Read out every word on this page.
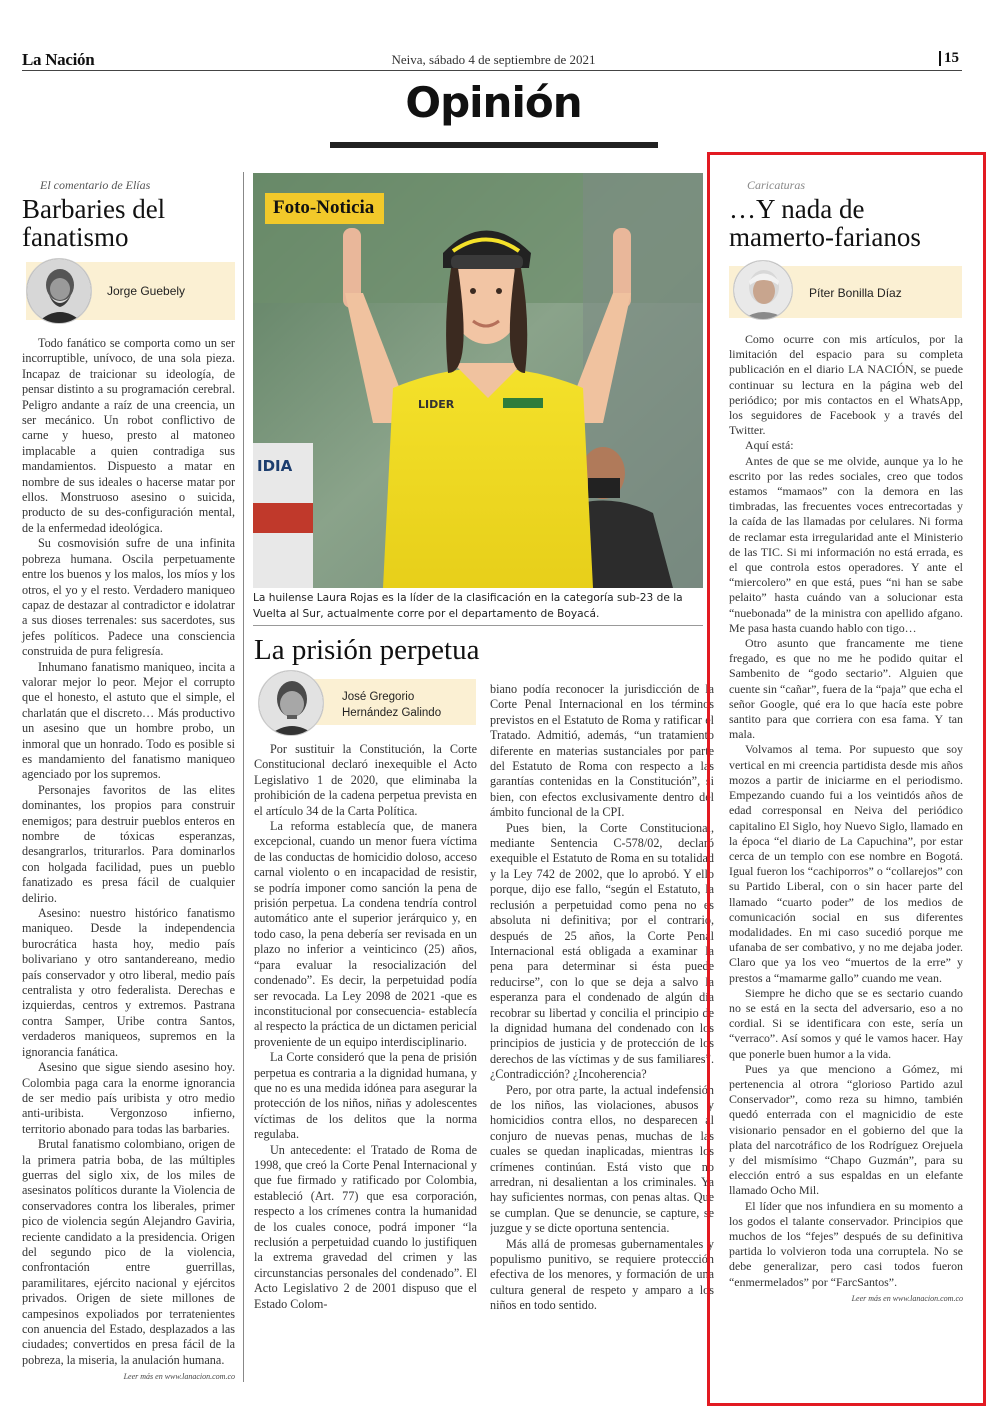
La Nación	Neiva, sábado 4 de septiembre de 2021	15
Opinión
El comentario de Elías
Barbaries del fanatismo
Jorge Guebely

Todo fanático se comporta como un ser incorruptible, unívoco, de una sola pieza. Incapaz de traicionar su ideología, de pensar distinto a su programación cerebral. Peligro andante a raíz de una creencia, un ser mecánico. Un robot conflictivo de carne y hueso, presto al matoneo implacable a quien contradiga sus mandamientos. Dispuesto a matar en nombre de sus ideales o hacerse matar por ellos. Monstruoso asesino o suicida, producto de su des-configuración mental, de la enfermedad ideológica.

Su cosmovisión sufre de una infinita pobreza humana. Oscila perpetuamente entre los buenos y los malos, los míos y los otros, el yo y el resto. Verdadero maniqueo capaz de destazar al contradictor e idolatrar a sus dioses terrenales: sus sacerdotes, sus jefes políticos. Padece una consciencia construida de pura feligresía.

Inhumano fanatismo maniqueo, incita a valorar mejor lo peor. Mejor el corrupto que el honesto, el astuto que el simple, el charlatán que el discreto… Más productivo un asesino que un hombre probo, un inmoral que un honrado. Todo es posible si es mandamiento del fanatismo maniqueo agenciado por los supremos.

Personajes favoritos de las elites dominantes, los propios para construir enemigos; para destruir pueblos enteros en nombre de tóxicas esperanzas, desangrarlos, triturarlos. Para dominarlos con holgada facilidad, pues un pueblo fanatizado es presa fácil de cualquier delirio.

Asesino: nuestro histórico fanatismo maniqueo. Desde la independencia burocrática hasta hoy, medio país bolivariano y otro santandereano, medio país conservador y otro liberal, medio país centralista y otro federalista. Derechas e izquierdas, centros y extremos. Pastrana contra Samper, Uribe contra Santos, verdaderos maniqueos, supremos en la ignorancia fanática.

Asesino que sigue siendo asesino hoy. Colombia paga cara la enorme ignorancia de ser medio país uribista y otro medio anti-uribista. Vergonzoso infierno, territorio abonado para todas las barbaries.

Brutal fanatismo colombiano, origen de la primera patria boba, de las múltiples guerras del siglo xix, de los miles de asesinatos políticos durante la Violencia de conservadores contra los liberales, primer pico de violencia según Alejandro Gaviria, reciente candidato a la presidencia. Origen del segundo pico de la violencia, confrontación entre guerrillas, paramilitares, ejército nacional y ejércitos privados. Origen de siete millones de campesinos expoliados por terratenientes con anuencia del Estado, desplazados a las ciudades; convertidos en presa fácil de la pobreza, la miseria, la anulación humana.

Leer más en www.lanacion.com.co
IDIA
LIDER
Foto-Noticia
La huilense Laura Rojas es la líder de la clasificación en la categoría sub-23 de la Vuelta al Sur, actualmente corre por el departamento de Boyacá.
La prisión perpetua
José Gregorio
Hernández Galindo

Por sustituir la Constitución, la Corte Constitucional declaró inexequible el Acto Legislativo 1 de 2020, que eliminaba la prohibición de la cadena perpetua prevista en el artículo 34 de la Carta Política.

La reforma establecía que, de manera excepcional, cuando un menor fuera víctima de las conductas de homicidio doloso, acceso carnal violento o en incapacidad de resistir, se podría imponer como sanción la pena de prisión perpetua. La condena tendría control automático ante el superior jerárquico y, en todo caso, la pena debería ser revisada en un plazo no inferior a veinticinco (25) años, “para evaluar la resocialización del condenado”. Es decir, la perpetuidad podía ser revocada. La Ley 2098 de 2021 -que es inconstitucional por consecuencia- establecía al respecto la práctica de un dictamen pericial proveniente de un equipo interdisciplinario.

La Corte consideró que la pena de prisión perpetua es contraria a la dignidad humana, y que no es una medida idónea para asegurar la protección de los niños, niñas y adolescentes víctimas de los delitos que la norma regulaba.

Un antecedente: el Tratado de Roma de 1998, que creó la Corte Penal Internacional y que fue firmado y ratificado por Colombia, estableció (Art. 77) que esa corporación, respecto a los crímenes contra la humanidad de los cuales conoce, podrá imponer “la reclusión a perpetuidad cuando lo justifiquen la extrema gravedad del crimen y las circunstancias personales del condenado”. El Acto Legislativo 2 de 2001 dispuso que el Estado Colom-

biano podía reconocer la jurisdicción de la Corte Penal Internacional en los términos previstos en el Estatuto de Roma y ratificar el Tratado. Admitió, además, “un tratamiento diferente en materias sustanciales por parte del Estatuto de Roma con respecto a las garantías contenidas en la Constitución”, si bien, con efectos exclusivamente dentro del ámbito funcional de la CPI.

Pues bien, la Corte Constitucional, mediante Sentencia C-578/02, declaró exequible el Estatuto de Roma en su totalidad y la Ley 742 de 2002, que lo aprobó. Y ello porque, dijo ese fallo, “según el Estatuto, la reclusión a perpetuidad como pena no es absoluta ni definitiva; por el contrario, después de 25 años, la Corte Penal Internacional está obligada a examinar la pena para determinar si ésta puede reducirse”, con lo que se deja a salvo la esperanza para el condenado de algún día recobrar su libertad y concilia el principio de la dignidad humana del condenado con los principios de justicia y de protección de los derechos de las víctimas y de sus familiares”. ¿Contradicción? ¿Incoherencia?

Pero, por otra parte, la actual indefensión de los niños, las violaciones, abusos y homicidios contra ellos, no desparecen al conjuro de nuevas penas, muchas de las cuales se quedan inaplicadas, mientras los crímenes continúan. Está visto que no arredran, ni desalientan a los criminales. Ya hay suficientes normas, con penas altas. Que se cumplan. Que se denuncie, se capture, se juzgue y se dicte oportuna sentencia.

Más allá de promesas gubernamentales y populismo punitivo, se requiere protección efectiva de los menores, y formación de una cultura general de respeto y amparo a los niños en todo sentido.

Caricaturas
…Y nada de mamerto-farianos
Píter Bonilla Díaz

Como ocurre con mis artículos, por la limitación del espacio para su completa publicación en el diario LA NACIÓN, se puede continuar su lectura en la página web del periódico; por mis contactos en el WhatsApp, los seguidores de Facebook y a través del Twitter.

Aquí está:

Antes de que se me olvide, aunque ya lo he escrito por las redes sociales, creo que todos estamos “mamaos” con la demora en las timbradas, las frecuentes voces entrecortadas y la caída de las llamadas por celulares. Ni forma de reclamar esta irregularidad ante el Ministerio de las TIC. Si mi información no está errada, es el que controla estos operadores. Y ante el “miercolero” en que está, pues “ni han se sabe pelaito” hasta cuándo van a solucionar esta “nuebonada” de la ministra con apellido afgano. Me pasa hasta cuando hablo con tigo…

Otro asunto que francamente me tiene fregado, es que no me he podido quitar el Sambenito de “godo sectario”. Alguien que cuente sin “cañar”, fuera de la “paja” que echa el señor Google, qué era lo que hacía este pobre santito para que corriera con esa fama. Y tan mala.

Volvamos al tema. Por supuesto que soy vertical en mi creencia partidista desde mis años mozos a partir de iniciarme en el periodismo. Empezando cuando fui a los veintidós años de edad corresponsal en Neiva del periódico capitalino El Siglo, hoy Nuevo Siglo, llamado en la época “el diario de La Capuchina”, por estar cerca de un templo con ese nombre en Bogotá. Igual fueron los “cachiporros” o “collarejos” con su Partido Liberal, con o sin hacer parte del llamado “cuarto poder” de los medios de comunicación social en sus diferentes modalidades. En mi caso sucedió porque me ufanaba de ser combativo, y no me dejaba joder. Claro que ya los veo “muertos de la erre” y prestos a “mamarme gallo” cuando me vean.

Siempre he dicho que se es sectario cuando no se está en la secta del adversario, eso a no cordial. Si se identificara con este, sería un “verraco”. Así somos y qué le vamos hacer. Hay que ponerle buen humor a la vida.

Pues ya que menciono a Gómez, mi pertenencia al otrora “glorioso Partido azul Conservador”, como reza su himno, también quedó enterrada con el magnicidio de este visionario pensador en el gobierno del que la plata del narcotráfico de los Rodríguez Orejuela y del mismísimo “Chapo Guzmán”, para su elección entró a sus espaldas en un elefante llamado Ocho Mil.

El líder que nos infundiera en su momento a los godos el talante conservador. Principios que muchos de los “fejes” después de su definitiva partida lo volvieron toda una corruptela. No se debe generalizar, pero casi todos fueron “enmermelados” por “FarcSantos”.

Leer más en www.lanacion.com.co
